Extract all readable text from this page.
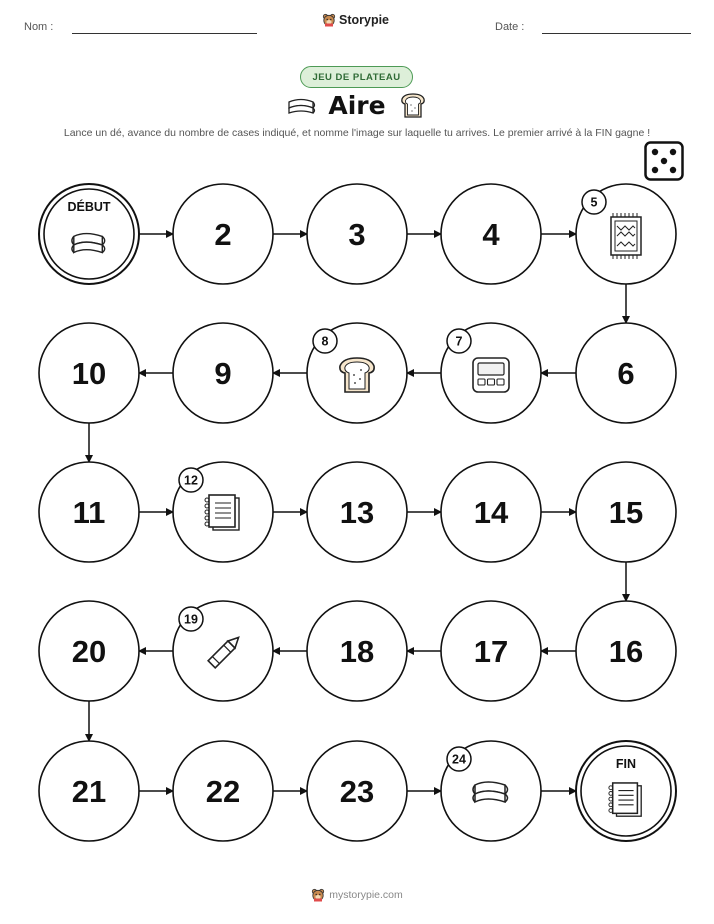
Nom :	Storypie	Date :
JEU DE PLATEAU
Aire
Lance un dé, avance du nombre de cases indiqué, et nomme l'image sur laquelle tu arrives. Le premier arrivé à la FIN gagne !
DÉBUT
2	3	4
5
6
7
8
9
10
11
12
13	14	15
16
17
18
19
20
21	22	23
24	FIN
mystorypie.com
